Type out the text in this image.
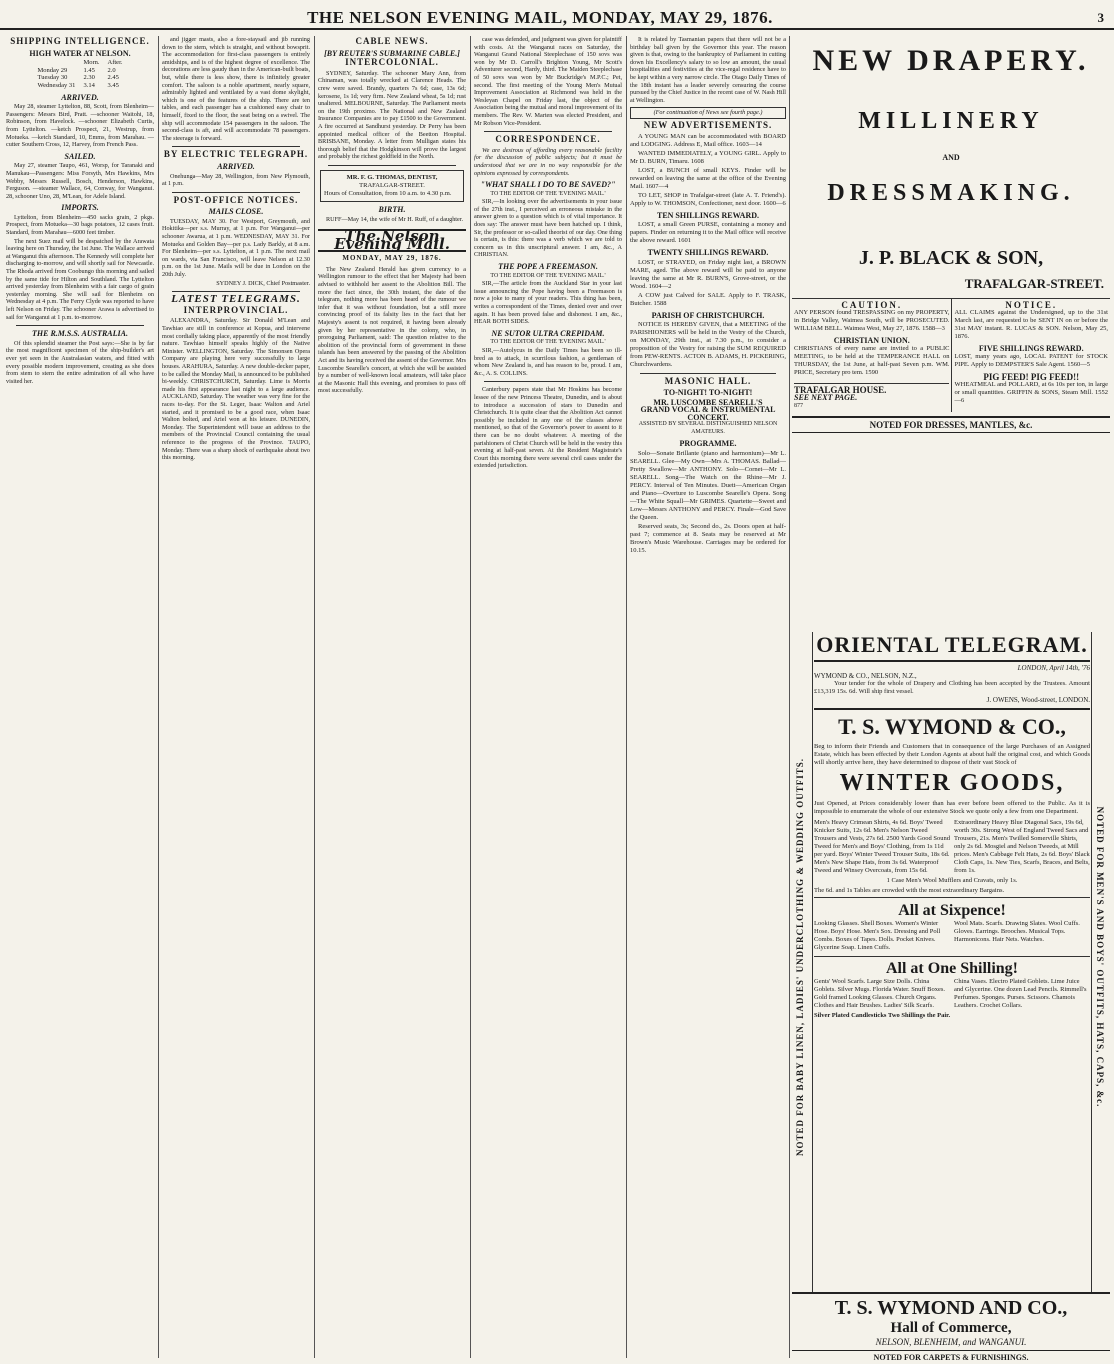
THE NELSON EVENING MAIL, MONDAY, MAY 29, 1876.	3
SHIPPING INTELLIGENCE.
HIGH WATER AT NELSON.
	Morn.	After.
Monday 29	1.45	2.0
Tuesday 30	2.30	2.45
Wednesday 31	3.14	3.45
ARRIVED.

May 28, steamer Lyttelton, 88, Scott, from Blenheim—Passengers: Messrs Bird, Pratt. —schooner Waitohi, 18, Robinson, from Havelock. —schooner Elizabeth Curtis, from Lyttelton. —ketch Prospect, 21, Westrup, from Motueka. —ketch Standard, 10, Emms, from Marahau. —cutter Southern Cross, 12, Harvey, from French Pass.

SAILED.

May 27, steamer Taupo, 461, Worsp, for Taranaki and Manukau—Passengers: Miss Forsyth, Mrs Hawkins, Mrs Webby, Messrs Russell, Bosch, Henderson, Hawkins, Ferguson. —steamer Wallace, 64, Conway, for Wanganui. 28, schooner Uno, 28, M'Lean, for Adele Island.

IMPORTS.

Lyttelton, from Blenheim—450 sacks grain, 2 pkgs. Prospect, from Motueka—30 bags potatoes, 12 cases fruit. Standard, from Marahau—6000 feet timber.

The next Suez mail will be despatched by the Arawata leaving here on Thursday, the 1st June. The Wallace arrived at Wanganui this afternoon. The Kennedy will complete her discharging to-morrow, and will shortly sail for Newcastle. The Rhoda arrived from Coobungo this morning and sailed by the same tide for Hilton and Southland. The Lyttelton arrived yesterday from Blenheim with a fair cargo of grain yesterday morning. She will sail for Blenheim on Wednesday at 4 p.m. The Ferry Clyde was reported to have left Nelson on Friday. The schooner Arawa is advertised to sail for Wanganui at 1 p.m. to-morrow.

THE R.M.S.S. AUSTRALIA.

Of this splendid steamer the Post says:—She is by far the most magnificent specimen of the ship-builder's art ever yet seen in the Australasian waters, and fitted with every possible modern improvement, creating as she does from stem to stern the entire admiration of all who have visited her.

and jigger masts, also a fore-staysail and jib running down to the stem, which is straight, and without bowsprit. The accommodation for first-class passengers is entirely amidships, and is of the highest degree of excellence. The decorations are less gaudy than in the American-built boats, but, while there is less show, there is infinitely greater comfort. The saloon is a noble apartment, nearly square, admirably lighted and ventilated by a vast dome skylight, which is one of the features of the ship. There are ten tables, and each passenger has a cushioned easy chair to himself, fixed to the floor, the seat being on a swivel. The ship will accommodate 154 passengers in the saloon. The second-class is aft, and will accommodate 78 passengers. The steerage is forward.

BY ELECTRIC TELEGRAPH.
ARRIVED.

Onehunga—May 28, Wellington, from New Plymouth, at 1 p.m.

POST-OFFICE NOTICES.
MAILS CLOSE.

TUESDAY, MAY 30. For Westport, Greymouth, and Hokitika—per s.s. Murray, at 1 p.m. For Wanganui—per schooner Awarua, at 1 p.m. WEDNESDAY, MAY 31. For Motueka and Golden Bay—per p.s. Lady Barkly, at 8 a.m. For Blenheim—per s.s. Lyttelton, at 1 p.m. The next mail on wards, via San Francisco, will leave Nelson at 12.30 p.m. on the 1st June. Mails will be due in London on the 20th July.

SYDNEY J. DICK, Chief Postmaster.

LATEST TELEGRAMS.
INTERPROVINCIAL.

ALEXANDRA, Saturday. Sir Donald M'Lean and Tawhiao are still in conference at Kopua, and intervene most cordially taking place, apparently of the most friendly nature. Tawhiao himself speaks highly of the Native Minister. WELLINGTON, Saturday. The Simonsen Opera Company are playing here very successfully to large houses. ARAHURA, Saturday. A new double-decker paper, to be called the Monday Mail, is announced to be published bi-weekly. CHRISTCHURCH, Saturday. Lime is Morris made his first appearance last night to a large audience. AUCKLAND, Saturday. The weather was very fine for the races to-day. For the St. Leger, Isaac Walton and Ariel started, and it promised to be a good race, when Isaac Walton bolted, and Ariel won at his leisure. DUNEDIN, Monday. The Superintendent will issue an address to the members of the Provincial Council containing the usual reference to the progress of the Province. TAUPO, Monday. There was a sharp shock of earthquake about two this morning.

CABLE NEWS.
[BY REUTER'S SUBMARINE CABLE.]
INTERCOLONIAL.

SYDNEY, Saturday. The schooner Mary Ann, from Chinaman, was totally wrecked at Clarence Heads. The crew were saved. Brandy, quarters 7s 6d; case, 13s 6d; kerosene, 1s 1d; very firm. New Zealand wheat, 5s 1d; rust unaltered. MELBOURNE, Saturday. The Parliament meets on the 19th proximo. The National and New Zealand Insurance Companies are to pay £1500 to the Government. A fire occurred at Sandhurst yesterday. Dr Perry has been appointed medical officer of the Beetton Hospital. BRISBANE, Monday. A letter from Mulligan states his thorough belief that the Hodgkinson will prove the largest and probably the richest goldfield in the North.

MR. F. G. THOMAS, DENTIST,
TRAFALGAR-STREET.
Hours of Consultation, from 10 a.m. to 4.30 p.m.
BIRTH.

RUFF—May 14, the wife of Mr H. Ruff, of a daughter.

The Nelson Evening Mail.
MONDAY, MAY 29, 1876.

The New Zealand Herald has given currency to a Wellington rumour to the effect that her Majesty had been advised to withhold her assent to the Abolition Bill. The more the fact since, the 30th instant, the date of the telegram, nothing more has been heard of the rumour we infer that it was without foundation, but a still more convincing proof of its falsity lies in the fact that her Majesty's assent is not required, it having been already given by her representative in the colony, who, in proroguing Parliament, said: The question relative to the abolition of the provincial form of government in these islands has been answered by the passing of the Abolition Act and its having received the assent of the Governor. Mrs Luscombe Searelle's concert, at which she will be assisted by a number of well-known local amateurs, will take place at the Masonic Hall this evening, and promises to pass off most successfully.

case was defended, and judgment was given for plaintiff with costs. At the Wanganui races on Saturday, the Wanganui Grand National Steeplechase of 150 sovs was won by Mr D. Carroll's Brighton Young, Mr Scott's Adventurer second, Hardy, third. The Maiden Steeplechase of 50 sovs was won by Mr Buckridge's M.P.C.; Pet, second. The first meeting of the Young Men's Mutual Improvement Association at Richmond was held in the Wesleyan Chapel on Friday last, the object of the Association being the mutual and moral improvement of its members. The Rev. W. Marten was elected President, and Mr Robson Vice-President.

CORRESPONDENCE.

We are desirous of affording every reasonable facility for the discussion of public subjects; but it must be understood that we are in no way responsible for the opinions expressed by correspondents.

"WHAT SHALL I DO TO BE SAVED?"
TO THE EDITOR OF THE 'EVENING MAIL.'

SIR,—In looking over the advertisements in your issue of the 27th inst., I perceived an erroneous mistake in the answer given to a question which is of vital importance. It does say: The answer must have been hatched up. I think, Sir, the professor or so-called theorist of our day. One thing is certain, is this: there was a verb which we are told to concern us in this unscriptural answer. I am, &c., A CHRISTIAN.

THE POPE A FREEMASON.
TO THE EDITOR OF THE 'EVENING MAIL.'

SIR,—The article from the Auckland Star in your last issue announcing the Pope having been a Freemason is now a joke to many of your readers. This thing has been, writes a correspondent of the Times, denied over and over again. It has been proved false and dishonest. I am, &c., HEAR BOTH SIDES.

NE SUTOR ULTRA CREPIDAM.
TO THE EDITOR OF THE 'EVENING MAIL.'

SIR,—Autolycus in the Daily Times has been so ill-bred as to attack, in scurrilous fashion, a gentleman of whom New Zealand is, and has reason to be, proud. I am, &c., A. S. COLLINS.

Canterbury papers state that Mr Hoskins has become lessee of the new Princess Theatre, Dunedin, and is about to introduce a succession of stars to Dunedin and Christchurch. It is quite clear that the Abolition Act cannot possibly be included in any one of the classes above mentioned, so that of the Governor's power to assent to it there can be no doubt whatever. A meeting of the parishioners of Christ Church will be held in the vestry this evening at half-past seven. At the Resident Magistrate's Court this morning there were several civil cases under the extended jurisdiction.

It is related by Tasmanian papers that there will not be a birthday ball given by the Governor this year. The reason given is that, owing to the bankruptcy of Parliament in cutting down his Excellency's salary to so low an amount, the usual hospitalities and festivities at the vice-regal residence have to be kept within a very narrow circle. The Otago Daily Times of the 18th instant has a leader severely censuring the course pursued by the Chief Justice in the recent case of W. Nash Hill at Wellington.

(For continuation of News see fourth page.)
NEW ADVERTISEMENTS.

A YOUNG MAN can be accommodated with BOARD and LODGING. Address E, Mail office. 1603—14

WANTED IMMEDIATELY, a YOUNG GIRL. Apply to Mr D. BURN, Timaru. 1608

LOST, a BUNCH of small KEYS. Finder will be rewarded on leaving the same at the office of the Evening Mail. 1607—4

TO LET, SHOP in Trafalgar-street (late A. T. Friend's). Apply to W. THOMSON, Confectioner, next door. 1600—6

TEN SHILLINGS REWARD.

LOST, a small Green PURSE, containing a money and papers. Finder on returning it to the Mail office will receive the above reward. 1601

TWENTY SHILLINGS REWARD.

LOST, or STRAYED, on Friday night last, a BROWN MARE, aged. The above reward will be paid to anyone leaving the same at Mr R. BURN'S, Grove-street, or the Wood. 1604—2

A COW just Calved for SALE. Apply to F. TRASK, Butcher. 1588

PARISH OF CHRISTCHURCH.

NOTICE IS HEREBY GIVEN, that a MEETING of the PARISHIONERS will be held in the Vestry of the Church, on MONDAY, 29th inst., at 7.30 p.m., to consider a proposition of the Vestry for raising the SUM REQUIRED from PEW-RENTS. ACTON B. ADAMS, H. PICKERING, Churchwardens.

MASONIC HALL.
TO-NIGHT! TO-NIGHT!
MR. LUSCOMBE SEARELL'S
GRAND VOCAL & INSTRUMENTAL CONCERT.
ASSISTED BY SEVERAL DISTINGUISHED NELSON AMATEURS.
PROGRAMME.

Solo—Sonate Brillante (piano and harmonium)—Mr L. SEARELL. Glee—My Own—Mrs A. THOMAS. Ballad—Pretty Swallow—Mr ANTHONY. Solo—Cornet—Mr L. SEARELL. Song—The Watch on the Rhine—Mr J. PERCY. Interval of Ten Minutes. Duett—American Organ and Piano—Overture to Luscombe Searelle's Opera. Song—The White Squall—Mr GRIMES. Quartette—Sweet and Low—Messrs ANTHONY and PERCY. Finale—God Save the Queen.

Reserved seats, 3s; Second do., 2s. Doors open at half-past 7; commence at 8. Seats may be reserved at Mr Brown's Music Warehouse. Carriages may be ordered for 10.15.

NEW DRAPERY.
MILLINERY
AND
DRESSMAKING.
J. P. BLACK & SON,
TRAFALGAR-STREET.
CAUTION.
ANY PERSON found TRESPASSING on my PROPERTY, in Bridge Valley, Waimea South, will be PROSECUTED. WILLIAM BELL. Waimea West, May 27, 1876. 1588—3
CHRISTIAN UNION.
CHRISTIANS of every name are invited to a PUBLIC MEETING, to be held at the TEMPERANCE HALL on THURSDAY, the 1st June, at half-past Seven p.m. WM. PRICE, Secretary pro tem. 1590
TRAFALGAR HOUSE.
SEE NEXT PAGE.
877
NOTICE.
ALL CLAIMS against the Undersigned, up to the 31st March last, are requested to be SENT IN on or before the 31st MAY instant. R. LUCAS & SON. Nelson, May 25, 1876.
FIVE SHILLINGS REWARD.
LOST, many years ago, LOCAL PATENT for STOCK PIPE. Apply to DEMPSTER'S Sale Agent. 1560—5
PIG FEED! PIG FEED!!
WHEATMEAL and POLLARD, at 6s 10s per ton, in large or small quantities. GRIFFIN & SONS, Steam Mill. 1552—6
NOTED FOR DRESSES, MANTLES, &c.
NOTED FOR BABY LINEN, LADIES' UNDERCLOTHING & WEDDING OUTFITS.	NOTED FOR MEN'S AND BOYS' OUTFITS, HATS, CAPS, &c.
ORIENTAL TELEGRAM.
LONDON, April 14th, '76
WYMOND & CO., NELSON, N.Z.,
Your tender for the whole of Drapery and Clothing has been accepted by the Trustees. Amount £13,319 15s. 6d. Will ship first vessel.
J. OWENS, Wood-street, LONDON.
T. S. WYMOND & CO.,

Beg to inform their Friends and Customers that in consequence of the large Purchases of an Assigned Estate, which has been effected by their London Agents at about half the original cost, and which Goods will shortly arrive here, they have determined to dispose of their vast Stock of

WINTER GOODS,

Just Opened, at Prices considerably lower than has ever before been offered to the Public. As it is impossible to enumerate the whole of our extensive Stock we quote only a few from one Department.

Men's Heavy Crimean Shirts, 4s 6d. Boys' Tweed Knicker Suits, 12s 6d. Men's Nelson Tweed Trousers and Vests, 27s 6d. 2500 Yards Good Sound Tweed for Men's and Boys' Clothing, from 1s 11d per yard. Boys' Winter Tweed Trouser Suits, 18s 6d. Men's New Shape Hats, from 3s 6d. Waterproof Tweed and Winsey Overcoats, from 15s 6d.
Extraordinary Heavy Blue Diagonal Sacs, 19s 6d, worth 30s. Strong West of England Tweed Sacs and Trousers, 21s. Men's Twilled Somerville Shirts, only 2s 6d. Mosgiel and Nelson Tweeds, at Mill prices. Men's Cabbage Felt Hats, 2s 6d. Boys' Black Cloth Caps, 1s. New Ties, Scarfs, Braces, and Belts, from 1s.
1 Case Men's Wool Mufflers and Cravats, only 1s.
The 6d. and 1s Tables are crowded with the most extraordinary Bargains.
All at Sixpence!
Looking Glasses. Shell Boxes. Women's Winter Hose. Boys' Hose. Men's Sox. Dressing and Poll Combs. Boxes of Tapes. Dolls. Pocket Knives. Glycerine Soap. Linen Cuffs.
Wool Mats. Scarfs. Drawing Slates. Wool Cuffs. Gloves. Earrings. Brooches. Musical Tops. Harmonicons. Hair Nets. Watches.
All at One Shilling!
Gents' Wool Scarfs. Large Size Dolls. China Goblets. Silver Mugs. Florida Water. Snuff Boxes. Gold framed Looking Glasses. Church Organs. Clothes and Hair Brushes. Ladies' Silk Scarfs.
China Vases. Electro Plated Goblets. Lime Juice and Glycerine. One dozen Lead Pencils. Rimmell's Perfumes. Sponges. Purses. Scissors. Chamois Leathers. Crochet Collars.
Silver Plated Candlesticks Two Shillings the Pair.
T. S. WYMOND AND CO.,
Hall of Commerce,
NELSON, BLENHEIM, and WANGANUI.
NOTED FOR CARPETS & FURNISHINGS.
